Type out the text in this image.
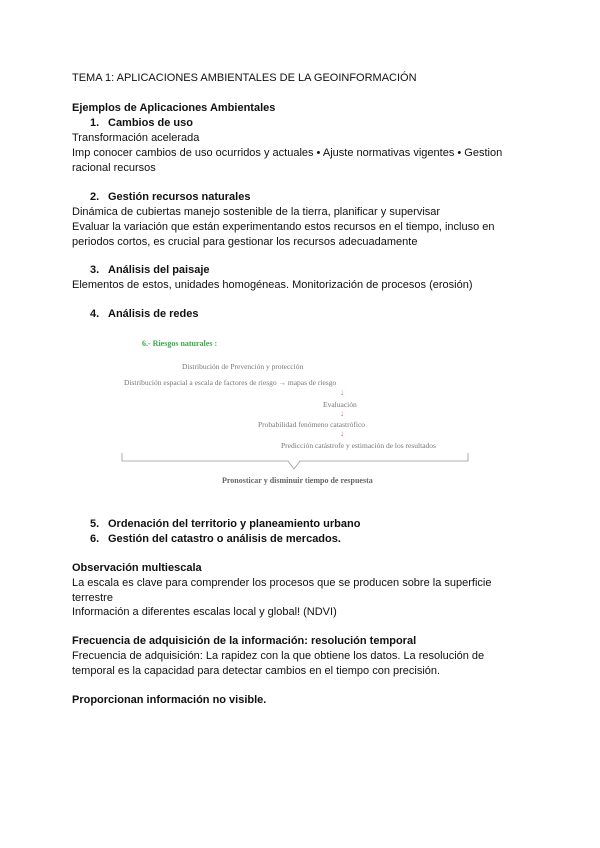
TEMA 1: APLICACIONES AMBIENTALES DE LA GEOINFORMACIÓN
Ejemplos de Aplicaciones Ambientales
1. Cambios de uso
Transformación acelerada
Imp conocer cambios de uso ocurridos y actuales • Ajuste normativas vigentes • Gestion
racional recursos
2. Gestión recursos naturales
Dinámica de cubiertas manejo sostenible de la tierra, planificar y supervisar
Evaluar la variación que están experimentando estos recursos en el tiempo, incluso en
periodos cortos, es crucial para gestionar los recursos adecuadamente
3. Análisis del paisaje
Elementos de estos, unidades homogéneas. Monitorización de procesos (erosión)
4. Análisis de redes
6.- Riesgos naturales :
Distribución de Prevención y protección
Distribución espacial a escala de factores de riesgo → mapas de riesgo
↓
Evaluación
↓
Probabilidad fenómeno catastrófico
↓
Predicción catástrofe y estimación de los resultados
Pronosticar y disminuir tiempo de respuesta
5. Ordenación del territorio y planeamiento urbano
6. Gestión del catastro o análisis de mercados.
Observación multiescala
La escala es clave para comprender los procesos que se producen sobre la superficie
terrestre
Información a diferentes escalas local y global! (NDVI)
Frecuencia de adquisición de la información: resolución temporal
Frecuencia de adquisición: La rapidez con la que obtiene los datos. La resolución de
temporal es la capacidad para detectar cambios en el tiempo con precisión.
Proporcionan información no visible.
